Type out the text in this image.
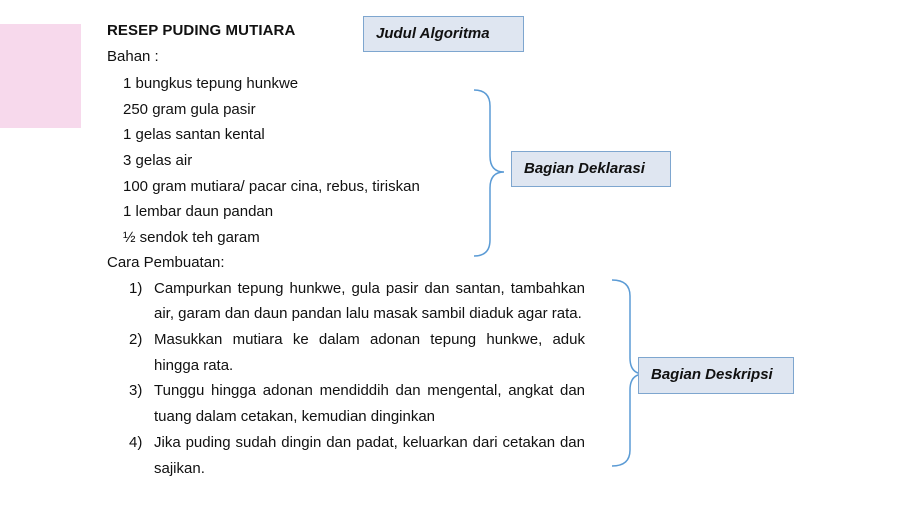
RESEP PUDING MUTIARA	Judul Algoritma
Bahan :
1 bungkus tepung hunkwe
250 gram gula pasir
1 gelas santan kental
3 gelas air
100 gram mutiara/ pacar cina, rebus, tiriskan
1 lembar daun pandan
½ sendok teh garam
Bagian Deklarasi
Cara Pembuatan:
1) Campurkan tepung hunkwe, gula pasir dan santan, tambahkan
air, garam dan daun pandan lalu masak sambil diaduk agar rata.
2) Masukkan mutiara ke dalam adonan tepung hunkwe, aduk
hingga rata.
3) Tunggu hingga adonan mendiddih dan mengental, angkat dan
tuang dalam cetakan, kemudian dinginkan
4) Jika puding sudah dingin dan padat, keluarkan dari cetakan dan
sajikan.
Bagian Deskripsi
